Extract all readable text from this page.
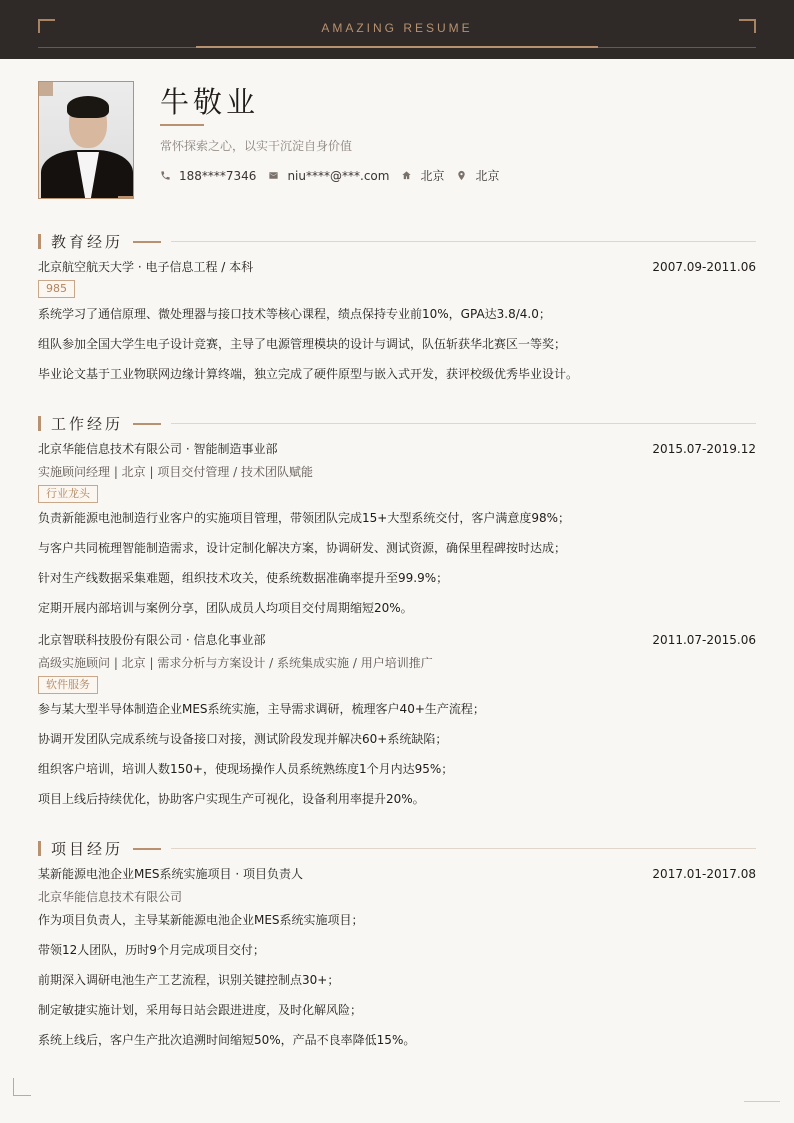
AMAZING RESUME
牛敬业
常怀探索之心，以实干沉淀自身价值
188****7346	niu****@***.com	北京	北京
教育经历
北京航空航天大学 · 电子信息工程 / 本科	2007.09-2011.06
985
系统学习了通信原理、微处理器与接口技术等核心课程，绩点保持专业前10%，GPA达3.8/4.0；
组队参加全国大学生电子设计竞赛，主导了电源管理模块的设计与调试，队伍斩获华北赛区一等奖；
毕业论文基于工业物联网边缘计算终端，独立完成了硬件原型与嵌入式开发，获评校级优秀毕业设计。
工作经历
北京华能信息技术有限公司 · 智能制造事业部	2015.07-2019.12
实施顾问经理 | 北京 | 项目交付管理 / 技术团队赋能
行业龙头
负责新能源电池制造行业客户的实施项目管理，带领团队完成15+大型系统交付，客户满意度98%；
与客户共同梳理智能制造需求，设计定制化解决方案，协调研发、测试资源，确保里程碑按时达成；
针对生产线数据采集难题，组织技术攻关，使系统数据准确率提升至99.9%；
定期开展内部培训与案例分享，团队成员人均项目交付周期缩短20%。
北京智联科技股份有限公司 · 信息化事业部	2011.07-2015.06
高级实施顾问 | 北京 | 需求分析与方案设计 / 系统集成实施 / 用户培训推广
软件服务
参与某大型半导体制造企业MES系统实施，主导需求调研，梳理客户40+生产流程；
协调开发团队完成系统与设备接口对接，测试阶段发现并解决60+系统缺陷；
组织客户培训，培训人数150+，使现场操作人员系统熟练度1个月内达95%；
项目上线后持续优化，协助客户实现生产可视化，设备利用率提升20%。
项目经历
某新能源电池企业MES系统实施项目 · 项目负责人	2017.01-2017.08
北京华能信息技术有限公司
作为项目负责人，主导某新能源电池企业MES系统实施项目；
带领12人团队，历时9个月完成项目交付；
前期深入调研电池生产工艺流程，识别关键控制点30+；
制定敏捷实施计划，采用每日站会跟进进度，及时化解风险；
系统上线后，客户生产批次追溯时间缩短50%，产品不良率降低15%。
